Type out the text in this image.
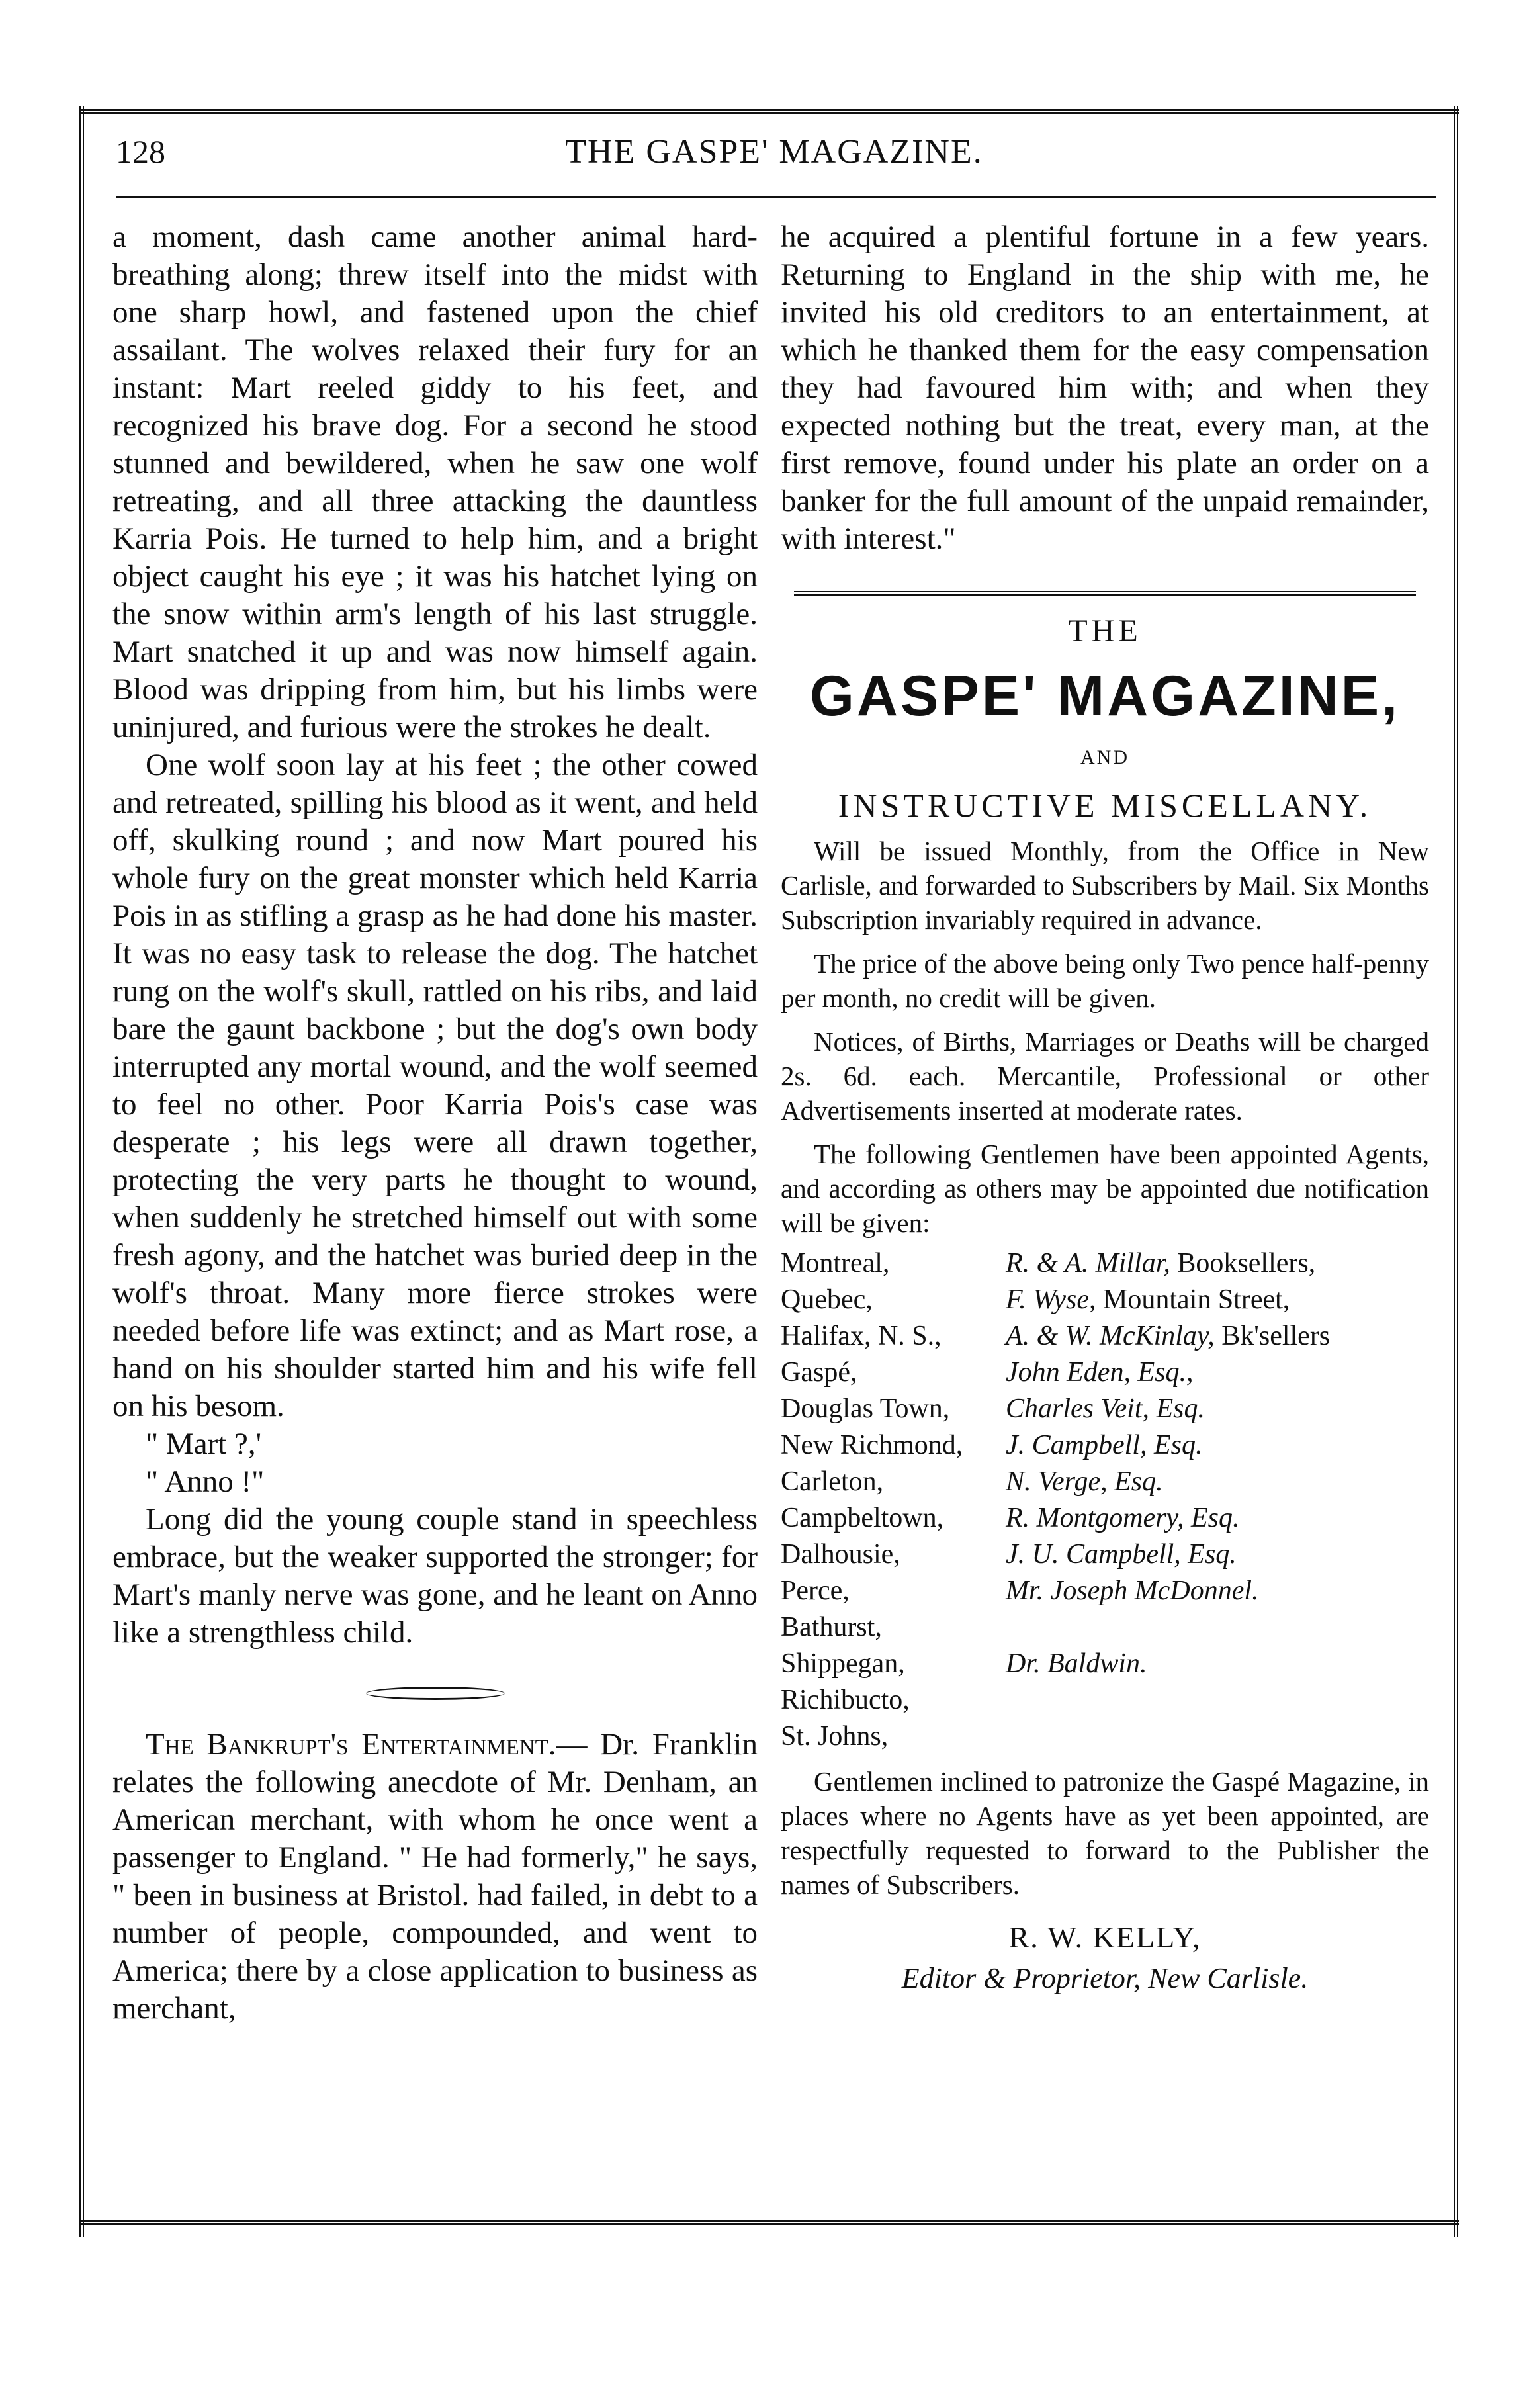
128	THE GASPE' MAGAZINE.

a moment, dash came another animal hard-breathing along; threw itself into the midst with one sharp howl, and fastened upon the chief assailant. The wolves relaxed their fury for an instant: Mart reeled giddy to his feet, and recognized his brave dog. For a second he stood stunned and bewildered, when he saw one wolf retreating, and all three attacking the dauntless Karria Pois. He turned to help him, and a bright object caught his eye ; it was his hatchet lying on the snow within arm's length of his last struggle. Mart snatched it up and was now himself again. Blood was dripping from him, but his limbs were uninjured, and furious were the strokes he dealt.

One wolf soon lay at his feet ; the other cowed and retreated, spilling his blood as it went, and held off, skulking round ; and now Mart poured his whole fury on the great monster which held Karria Pois in as stifling a grasp as he had done his master. It was no easy task to release the dog. The hatchet rung on the wolf's skull, rattled on his ribs, and laid bare the gaunt backbone ; but the dog's own body interrupted any mortal wound, and the wolf seemed to feel no other. Poor Karria Pois's case was desperate ; his legs were all drawn together, protecting the very parts he thought to wound, when suddenly he stretched himself out with some fresh agony, and the hatchet was buried deep in the wolf's throat. Many more fierce strokes were needed before life was extinct; and as Mart rose, a hand on his shoulder started him and his wife fell on his besom.

" Mart ?,'

" Anno !"

Long did the young couple stand in speechless embrace, but the weaker supported the stronger; for Mart's manly nerve was gone, and he leant on Anno like a strengthless child.

The Bankrupt's Entertainment.— Dr. Franklin relates the following anecdote of Mr. Denham, an American merchant, with whom he once went a passenger to England. " He had formerly," he says, " been in business at Bristol. had failed, in debt to a number of people, compounded, and went to America; there by a close application to business as merchant,

he acquired a plentiful fortune in a few years. Returning to England in the ship with me, he invited his old creditors to an entertainment, at which he thanked them for the easy compensation they had favoured him with; and when they expected nothing but the treat, every man, at the first remove, found under his plate an order on a banker for the full amount of the unpaid remainder, with interest."

THE
GASPE' MAGAZINE,
AND
INSTRUCTIVE MISCELLANY.

Will be issued Monthly, from the Office in New Carlisle, and forwarded to Subscribers by Mail. Six Months Subscription invariably required in advance.

The price of the above being only Two pence half-penny per month, no credit will be given.

Notices, of Births, Marriages or Deaths will be charged 2s. 6d. each. Mercantile, Professional or other Advertisements inserted at moderate rates.

The following Gentlemen have been appointed Agents, and according as others may be appointed due notification will be given:

Montreal,	R. & A. Millar, Booksellers,
Quebec,	F. Wyse, Mountain Street,
Halifax, N. S.,	A. & W. McKinlay, Bk'sellers
Gaspé,	John Eden, Esq.,
Douglas Town,	Charles Veit, Esq.
New Richmond,	J. Campbell, Esq.
Carleton,	N. Verge, Esq.
Campbeltown,	R. Montgomery, Esq.
Dalhousie,	J. U. Campbell, Esq.
Perce,	Mr. Joseph McDonnel.
Bathurst,	
Shippegan,	Dr. Baldwin.
Richibucto,	
St. Johns,	

Gentlemen inclined to patronize the Gaspé Magazine, in places where no Agents have as yet been appointed, are respectfully requested to forward to the Publisher the names of Subscribers.

R. W. KELLY,
Editor & Proprietor, New Carlisle.
